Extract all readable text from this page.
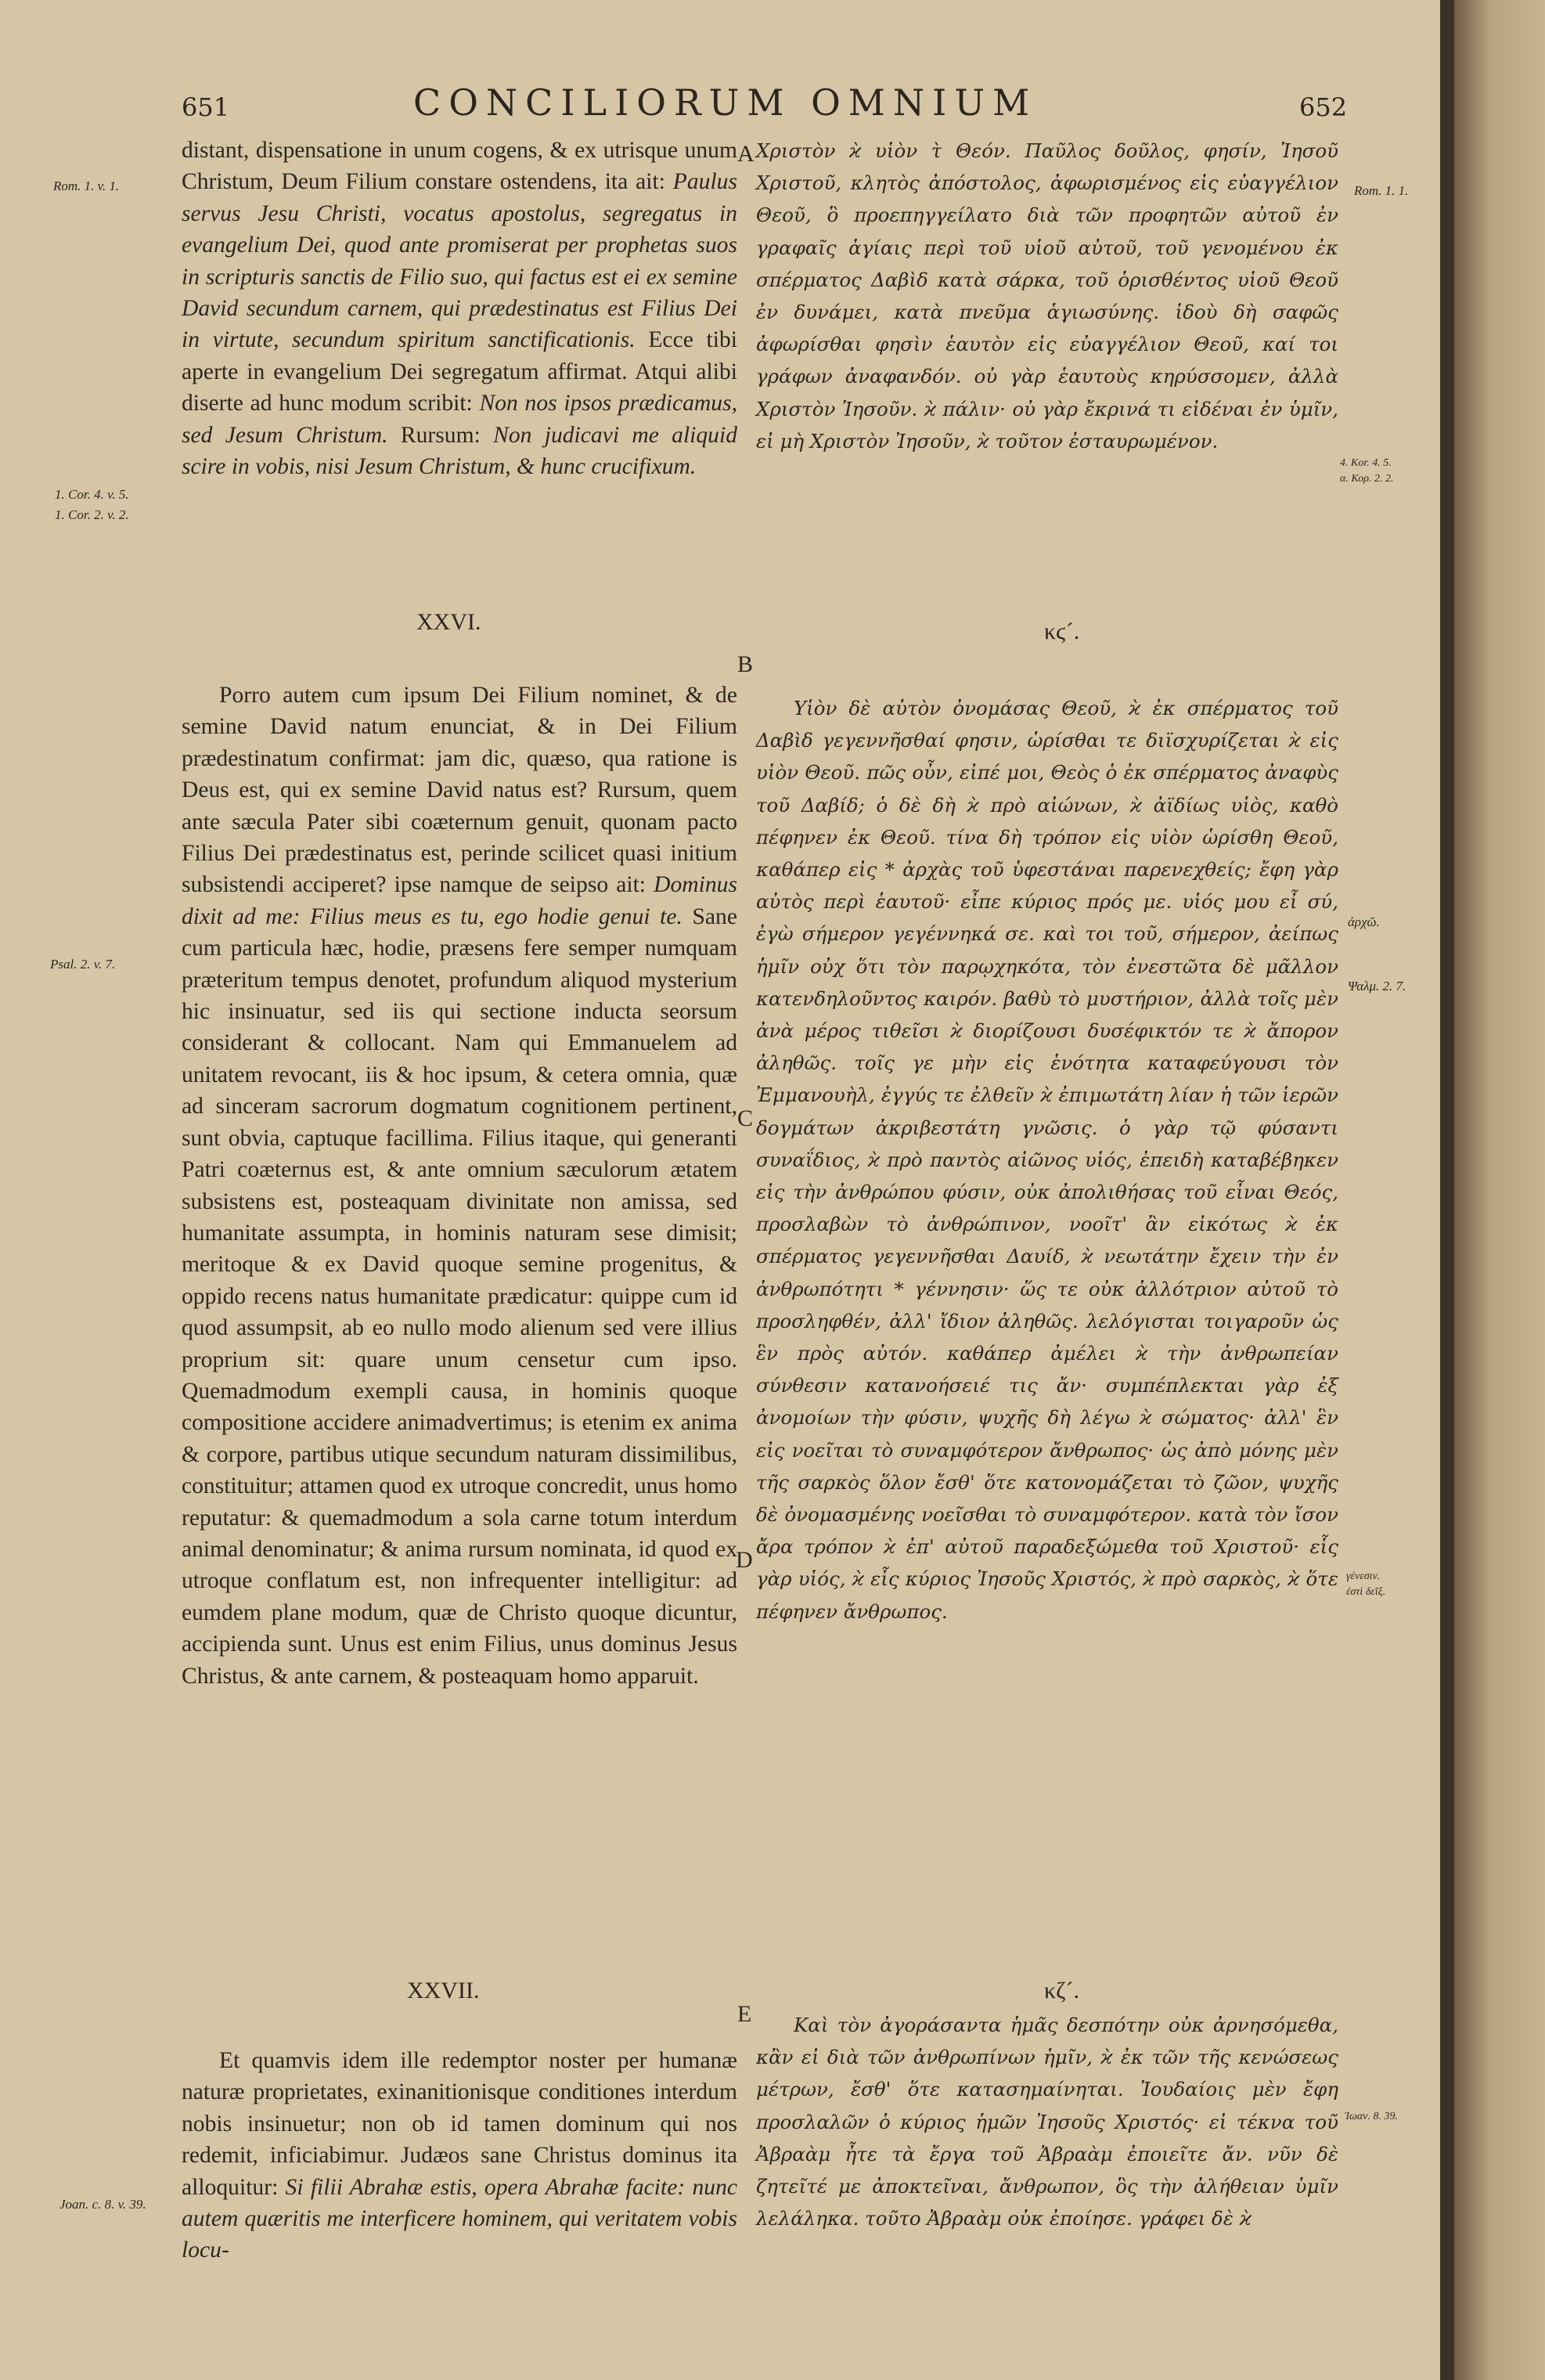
651	CONCILIORUM OMNIUM	652

distant, dispensatione in unum cogens, & ex utrisque unum Christum, Deum Filium constare ostendens, ita ait: Paulus servus Jesu Christi, vocatus apostolus, segregatus in evangelium Dei, quod ante promiserat per prophetas suos in scripturis sanctis de Filio suo, qui factus est ei ex semine David secundum carnem, qui prædestinatus est Filius Dei in virtute, secundum spiritum sanctificationis. Ecce tibi aperte in evangelium Dei segregatum affirmat. Atqui alibi diserte ad hunc modum scribit: Non nos ipsos prædicamus, sed Jesum Christum. Rursum: Non judicavi me aliquid scire in vobis, nisi Jesum Christum, & hunc crucifixum.

Χριστὸν ϰ̀ υἱὸν τ̀ Θεόν. Παῦλος δοῦλος, φησίν, Ἰησοῦ Χριστοῦ, κλητὸς ἀπόστολος, ἀφωρισμένος εἰς εὐαγγέλιον Θεοῦ, ὃ προεπηγγείλατο διὰ τῶν προφητῶν αὐτοῦ ἐν γραφαῖς ἁγίαις περὶ τοῦ υἱοῦ αὐτοῦ, τοῦ γενομένου ἐκ σπέρματος Δαβὶδ κατὰ σάρκα, τοῦ ὁρισθέντος υἱοῦ Θεοῦ ἐν δυνάμει, κατὰ πνεῦμα ἁγιωσύνης. ἰδοὺ δὴ σαφῶς ἀφωρίσθαι φησὶν ἑαυτὸν εἰς εὐαγγέλιον Θεοῦ, καί τοι γράφων ἀναφανδόν. οὐ γὰρ ἑαυτοὺς κηρύσσομεν, ἀλλὰ Χριστὸν Ἰησοῦν. ϰ̀ πάλιν· οὐ γὰρ ἔκρινά τι εἰδέναι ἐν ὑμῖν, εἰ μὴ Χριστὸν Ἰησοῦν, ϰ̀ τοῦτον ἐσταυρωμένον.
XXVI.	κϛ´.

Porro autem cum ipsum Dei Filium nominet, & de semine David natum enunciat, & in Dei Filium prædestinatum confirmat: jam dic, quæso, qua ratione is Deus est, qui ex semine David natus est? Rursum, quem ante sæcula Pater sibi coæternum genuit, quonam pacto Filius Dei prædestinatus est, perinde scilicet quasi initium subsistendi acciperet? ipse namque de seipso ait: Dominus dixit ad me: Filius meus es tu, ego hodie genui te. Sane cum particula hæc, hodie, præsens fere semper numquam præteritum tempus denotet, profundum aliquod mysterium hic insinuatur, sed iis qui sectione inducta seorsum considerant & collocant. Nam qui Emmanuelem ad unitatem revocant, iis & hoc ipsum, & cetera omnia, quæ ad sinceram sacrorum dogmatum cognitionem pertinent, sunt obvia, captuque facillima. Filius itaque, qui generanti Patri coæternus est, & ante omnium sæculorum ætatem subsistens est, posteaquam divinitate non amissa, sed humanitate assumpta, in hominis naturam sese dimisit; meritoque & ex David quoque semine progenitus, & oppido recens natus humanitate prædicatur: quippe cum id quod assumpsit, ab eo nullo modo alienum sed vere illius proprium sit: quare unum censetur cum ipso. Quemadmodum exempli causa, in hominis quoque compositione accidere animadvertimus; is etenim ex anima & corpore, partibus utique secundum naturam dissimilibus, constituitur; attamen quod ex utroque concredit, unus homo reputatur: & quemadmodum a sola carne totum interdum animal denominatur; & anima rursum nominata, id quod ex utroque conflatum est, non infrequenter intelligitur: ad eumdem plane modum, quæ de Christo quoque dicuntur, accipienda sunt. Unus est enim Filius, unus dominus Jesus Christus, & ante carnem, & posteaquam homo apparuit.

Υἱὸν δὲ αὐτὸν ὀνομάσας Θεοῦ, ϰ̀ ἐκ σπέρματος τοῦ Δαβὶδ γεγεννῆσθαί φησιν, ὡρίσθαι τε διϊσχυρίζεται ϰ̀ εἰς υἱὸν Θεοῦ. πῶς οὖν, εἰπέ μοι, Θεὸς ὁ ἐκ σπέρματος ἀναφὺς τοῦ Δαβίδ; ὁ δὲ δὴ ϰ̀ πρὸ αἰώνων, ϰ̀ ἀϊδίως υἱὸς, καθὸ πέφηνεν ἐκ Θεοῦ. τίνα δὴ τρόπον εἰς υἱὸν ὡρίσθη Θεοῦ, καθάπερ εἰς * ἀρχὰς τοῦ ὑφεστάναι παρενεχθείς; ἔφη γὰρ αὐτὸς περὶ ἑαυτοῦ· εἶπε κύριος πρός με. υἱός μου εἶ σύ, ἐγὼ σήμερον γεγέννηκά σε. καὶ τοι τοῦ, σήμερον, ἀείπως ἡμῖν οὐχ ὅτι τὸν παρῳχηκότα, τὸν ἐνεστῶτα δὲ μᾶλλον κατενδηλοῦντος καιρόν. βαθὺ τὸ μυστήριον, ἀλλὰ τοῖς μὲν ἀνὰ μέρος τιθεῖσι ϰ̀ διορίζουσι δυσέφικτόν τε ϰ̀ ἄπορον ἀληθῶς. τοῖς γε μὴν εἰς ἑνότητα καταφεύγουσι τὸν Ἐμμανουὴλ, ἐγγύς τε ἐλθεῖν ϰ̀ ἐπιμωτάτη λίαν ἡ τῶν ἱερῶν δογμάτων ἀκριβεστάτη γνῶσις. ὁ γὰρ τῷ φύσαντι συναΐδιος, ϰ̀ πρὸ παντὸς αἰῶνος υἱός, ἐπειδὴ καταβέβηκεν εἰς τὴν ἀνθρώπου φύσιν, οὐκ ἀπολιθήσας τοῦ εἶναι Θεός, προσλαβὼν τὸ ἀνθρώπινον, νοοῖτ' ἂν εἰκότως ϰ̀ ἐκ σπέρματος γεγεννῆσθαι Δαυίδ, ϰ̀ νεωτάτην ἔχειν τὴν ἐν ἀνθρωπότητι * γέννησιν· ὥς τε οὐκ ἀλλότριον αὐτοῦ τὸ προσληφθέν, ἀλλ' ἴδιον ἀληθῶς. λελόγισται τοιγαροῦν ὡς ἓν πρὸς αὐτόν. καθάπερ ἀμέλει ϰ̀ τὴν ἀνθρωπείαν σύνθεσιν κατανοήσειέ τις ἄν· συμπέπλεκται γὰρ ἐξ ἀνομοίων τὴν φύσιν, ψυχῆς δὴ λέγω ϰ̀ σώματος· ἀλλ' ἓν εἰς νοεῖται τὸ συναμφότερον ἄνθρωπος· ὡς ἀπὸ μόνης μὲν τῆς σαρκὸς ὅλον ἔσθ' ὅτε κατονομάζεται τὸ ζῶον, ψυχῆς δὲ ὀνομασμένης νοεῖσθαι τὸ συναμφότερον. κατὰ τὸν ἴσον ἄρα τρόπον ϰ̀ ἐπ' αὐτοῦ παραδεξώμεθα τοῦ Χριστοῦ· εἷς γὰρ υἱός, ϰ̀ εἷς κύριος Ἰησοῦς Χριστός, ϰ̀ πρὸ σαρκὸς, ϰ̀ ὅτε πέφηνεν ἄνθρωπος.

XXVII.	κζ´.

Et quamvis idem ille redemptor noster per humanæ naturæ proprietates, exinanitionisque conditiones interdum nobis insinuetur; non ob id tamen dominum qui nos redemit, inficiabimur. Judæos sane Christus dominus ita alloquitur: Si filii Abrahæ estis, opera Abrahæ facite: nunc autem quæritis me interficere hominem, qui veritatem vobis locu-

Καὶ τὸν ἀγοράσαντα ἡμᾶς δεσπότην οὐκ ἀρνησόμεθα, κἂν εἰ διὰ τῶν ἀνθρωπίνων ἡμῖν, ϰ̀ ἐκ τῶν τῆς κενώσεως μέτρων, ἔσθ' ὅτε κατασημαίνηται. Ἰουδαίοις μὲν ἔφη προσλαλῶν ὁ κύριος ἡμῶν Ἰησοῦς Χριστός· εἰ τέκνα τοῦ Ἀβραὰμ ἦτε τὰ ἔργα τοῦ Ἀβραὰμ ἐποιεῖτε ἄν. νῦν δὲ ζητεῖτέ με ἀποκτεῖναι, ἄνθρωπον, ὃς τὴν ἀλήθειαν ὑμῖν λελάληκα. τοῦτο Ἀβραὰμ οὐκ ἐποίησε. γράφει δὲ ϰ̀

Rom. 1. v. 1.	Rom. 1. 1.
1. Cor. 4. v. 5.
1. Cor. 2. v. 2.
4. Kor. 4. 5.
α. Κορ. 2. 2.
Psal. 2. v. 7.
ἀρχῶ.
Ψαλμ. 2. 7.
γένεσιν.
ἐστὶ δεῖξ.
Joan. c. 8. v. 39.
Ἰωαν. 8. 39.
A
B
C
D
E
